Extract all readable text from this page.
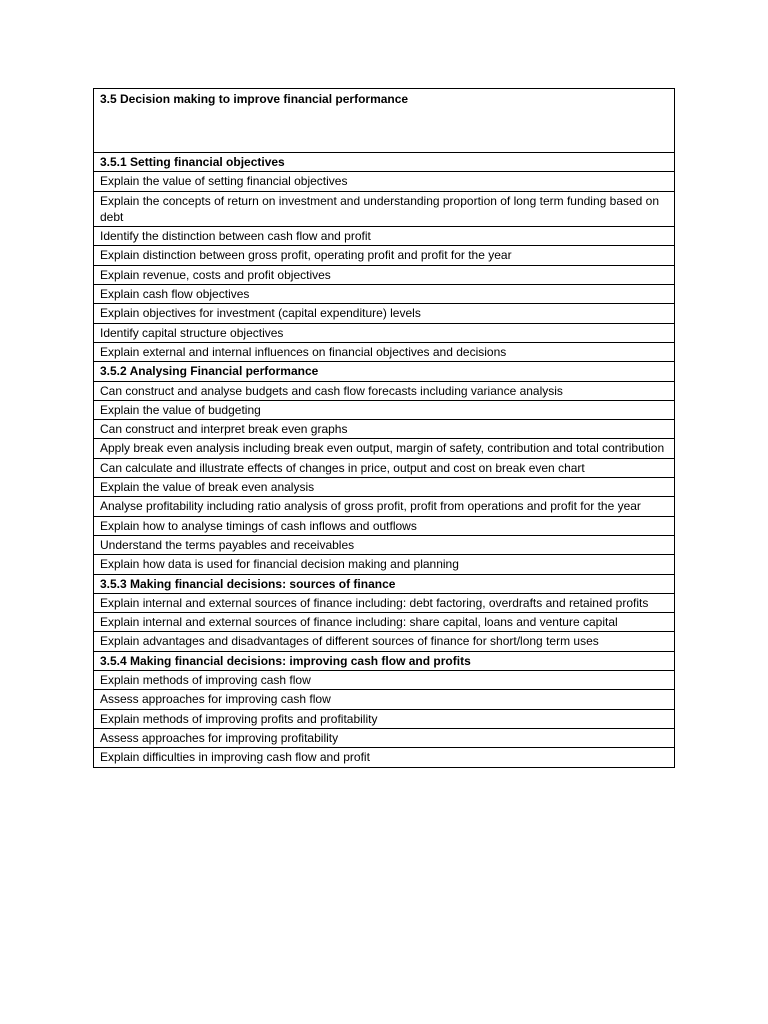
3.5 Decision making to improve financial performance
3.5.1 Setting financial objectives
Explain the value of setting financial objectives
Explain the concepts of return on investment and understanding proportion of long term funding based on debt
Identify the distinction between cash flow and profit
Explain distinction between gross profit, operating profit and profit for the year
Explain revenue, costs and profit objectives
Explain cash flow objectives
Explain objectives for investment (capital expenditure) levels
Identify capital structure objectives
Explain external and internal influences on financial objectives and decisions
3.5.2 Analysing Financial performance
Can construct and analyse budgets and cash flow forecasts including variance analysis
Explain the value of budgeting
Can construct and interpret break even graphs
Apply break even analysis including break even output, margin of safety, contribution and total contribution
Can calculate and illustrate effects of changes in price, output and cost on break even chart
Explain the value of break even analysis
Analyse profitability including ratio analysis of gross profit, profit from operations and profit for the year
Explain how to analyse timings of cash inflows and outflows
Understand the terms payables and receivables
Explain how data is used for financial decision making and planning
3.5.3 Making financial decisions: sources of finance
Explain internal and external sources of finance including: debt factoring, overdrafts and retained profits
Explain internal and external sources of finance including: share capital, loans and venture capital
Explain advantages and disadvantages of different sources of finance for short/long term uses
3.5.4 Making financial decisions: improving cash flow and profits
Explain methods of improving cash flow
Assess approaches for improving cash flow
Explain methods of improving profits and profitability
Assess approaches for improving profitability
Explain difficulties in improving cash flow and profit
